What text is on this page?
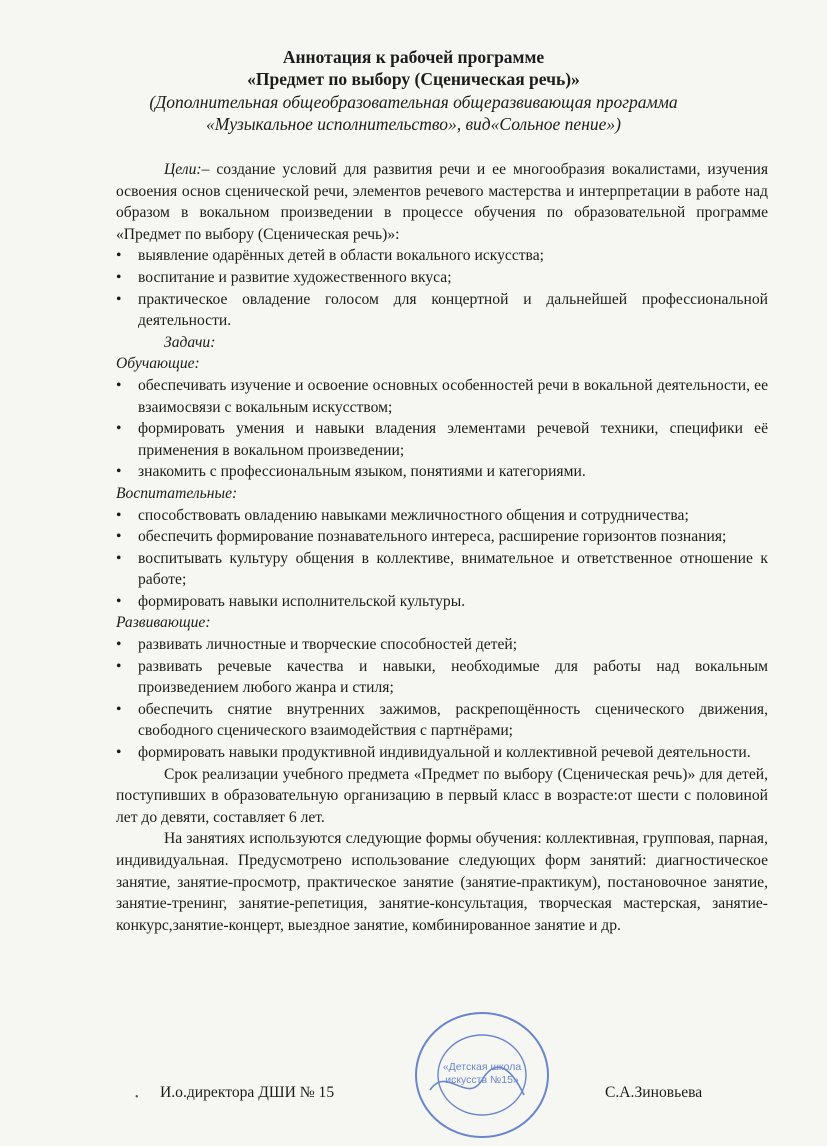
Аннотация к рабочей программе
«Предмет по выбору (Сценическая речь)»
(Дополнительная общеобразовательная общеразвивающая программа
«Музыкальное исполнительство», вид«Сольное пение»)

Цели:– создание условий для развития речи и ее многообразия вокалистами, изучения освоения основ сценической речи, элементов речевого мастерства и интерпретации в работе над образом в вокальном произведении в процессе обучения по образовательной программе «Предмет по выбору (Сценическая речь)»:

•	выявление одарённых детей в области вокального искусства;
•	воспитание и развитие художественного вкуса;
•	практическое овладение голосом для концертной и дальнейшей профессиональной деятельности.

Задачи:

Обучающие:

•	обеспечивать изучение и освоение основных особенностей речи в вокальной деятельности, ее взаимосвязи с вокальным искусством;
•	формировать умения и навыки владения элементами речевой техники, специфики её применения в вокальном произведении;
•	знакомить с профессиональным языком, понятиями и категориями.

Воспитательные:

•	способствовать овладению навыками межличностного общения и сотрудничества;
•	обеспечить формирование познавательного интереса, расширение горизонтов познания;
•	воспитывать культуру общения в коллективе, внимательное и ответственное отношение к работе;
•	формировать навыки исполнительской культуры.

Развивающие:

•	развивать личностные и творческие способностей детей;
•	развивать речевые качества и навыки, необходимые для работы над вокальным произведением любого жанра и стиля;
•	обеспечить снятие внутренних зажимов, раскрепощённость сценического движения, свободного сценического взаимодействия с партнёрами;
•	формировать навыки продуктивной индивидуальной и коллективной речевой деятельности.

Срок реализации учебного предмета «Предмет по выбору (Сценическая речь)» для детей, поступивших в образовательную организацию в первый класс в возрасте:от шести с половиной лет до девяти, составляет 6 лет.

На занятиях используются следующие формы обучения: коллективная, групповая, парная, индивидуальная. Предусмотрено использование следующих форм занятий: диагностическое занятие, занятие-просмотр, практическое занятие (занятие-практикум), постановочное занятие, занятие-тренинг, занятие-репетиция, занятие-консультация, творческая мастерская, занятие-конкурс,занятие-концерт, выездное занятие, комбинированное занятие и др.

• И.о.директора ДШИ № 15	С.А.Зиновьева
«Детская школа
искусств №15»
